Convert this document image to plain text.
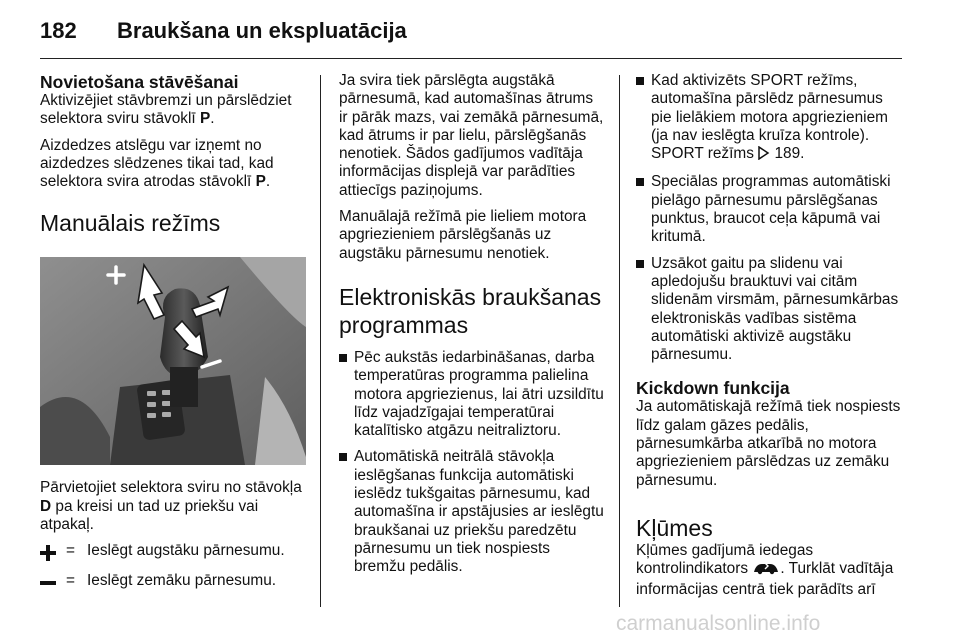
182 Braukšana un ekspluatācija
Novietošana stāvēšanai

Aktivizējiet stāvbremzi un pārslēdziet selektora sviru stāvoklī P.

Aizdedzes atslēgu var izņemt no aizdedzes slēdzenes tikai tad, kad selektora svira atrodas stāvoklī P.

Manuālais režīms

Pārvietojiet selektora sviru no stāvokļa D pa kreisi un tad uz priekšu vai atpakaļ.

= Ieslēgt augstāku pārnesumu.
= Ieslēgt zemāku pārnesumu.

Ja svira tiek pārslēgta augstākā pārnesumā, kad automašīnas ātrums ir pārāk mazs, vai zemākā pārnesumā, kad ātrums ir par lielu, pārslēgšanās nenotiek. Šādos gadījumos vadītāja informācijas displejā var parādīties attiecīgs paziņojums.

Manuālajā režīmā pie lieliem motora apgriezieniem pārslēgšanās uz augstāku pārnesumu nenotiek.

Elektroniskās braukšanas programmas
Pēc aukstās iedarbināšanas, darba temperatūras programma palielina motora apgriezienus, lai ātri uzsildītu līdz vajadzīgajai temperatūrai katalītisko atgāzu neitraliztoru.
Automātiskā neitrālā stāvokļa ieslēgšanas funkcija automātiski ieslēdz tukšgaitas pārnesumu, kad automašīna ir apstājusies ar ieslēgtu braukšanai uz priekšu paredzētu pārnesumu un tiek nospiests bremžu pedālis.
Kad aktivizēts SPORT režīms, automašīna pārslēdz pārnesumus pie lielākiem motora apgriezieniem (ja nav ieslēgta kruīza kontrole). SPORT režīms  189.
Speciālas programmas automātiski pielāgo pārnesumu pārslēgšanas punktus, braucot ceļa kāpumā vai kritumā.
Uzsākot gaitu pa slidenu vai apledojušu brauktuvi vai citām slidenām virsmām, pārnesumkārbas elektroniskās vadības sistēma automātiski aktivizē augstāku pārnesumu.
Kickdown funkcija

Ja automātiskajā režīmā tiek nospiests līdz galam gāzes pedālis, pārnesumkārba atkarībā no motora apgriezieniem pārslēdzas uz zemāku pārnesumu.

Kļūmes

Kļūmes gadījumā iedegas kontrolindikators . Turklāt vadītāja informācijas centrā tiek parādīts arī

carmanualsonline.info
